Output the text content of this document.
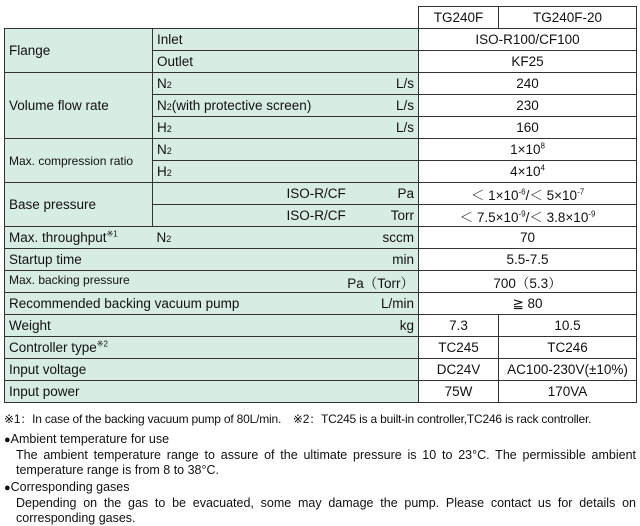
			TG240F	TG240F-20
Flange	Inlet		ISO-R100/CF100	
	Outlet		KF25	
Volume flow rate	N2 L/s		240	
	N2(with protective screen) L/s		230	
	H2 L/s		160	
Max. compression ratio	N2		$1\times 10^8$
	H2		$4\times 10^4$
Base pressure		ISO-R/CF Pa	＜ $1\times 10^{-6}/< 5\times 10^{-7}$
		ISO-R/CF Torr	＜ $7.5\times 10^{-9}/< 3.8\times 10^{-9}$
Max. throughput$^{※1}$	N2	sccm	70	
Startup time min			5.5-7.5	
Max. backing pressure Pa（Torr）			700（5.3）	
Recommended backing vacuum pump L/min			≧ 80	
Weight kg			7.3	10.5
Controller type$^{※2}$			TC245	TC246
Input voltage			DC24V	AC100-230V(±10%)
Input power			75W	170VA
※1：In case of the backing vacuum pump of 80L/min.　※2：TC245 is a built-in controller,TC246 is rack controller.
● Ambient temperature for use
The ambient temperature range to assure of the ultimate pressure is 10 to 23°C. The permissible ambient temperature range is from 8 to 38°C.
● Corresponding gases
Depending on the gas to be evacuated, some may damage the pump. Please contact us for details on corresponding gases.
